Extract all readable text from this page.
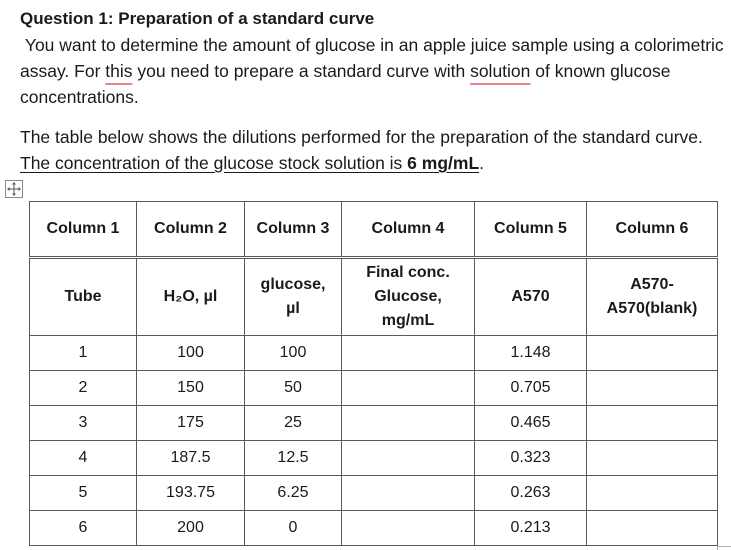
Question 1: Preparation of a standard curve
You want to determine the amount of glucose in an apple juice sample using a colorimetric assay. For this you need to prepare a standard curve with solution of known glucose concentrations.
The table below shows the dilutions performed for the preparation of the standard curve. The concentration of the glucose stock solution is 6 mg/mL.
Column 1	Column 2	Column 3	Column 4	Column 5	Column 6
Tube	H₂O, µl	glucose, µl	Final conc. Glucose, mg/mL	A570	A570-A570(blank)
1	100	100		1.148	
2	150	50		0.705	
3	175	25		0.465	
4	187.5	12.5		0.323	
5	193.75	6.25		0.263	
6	200	0		0.213	
